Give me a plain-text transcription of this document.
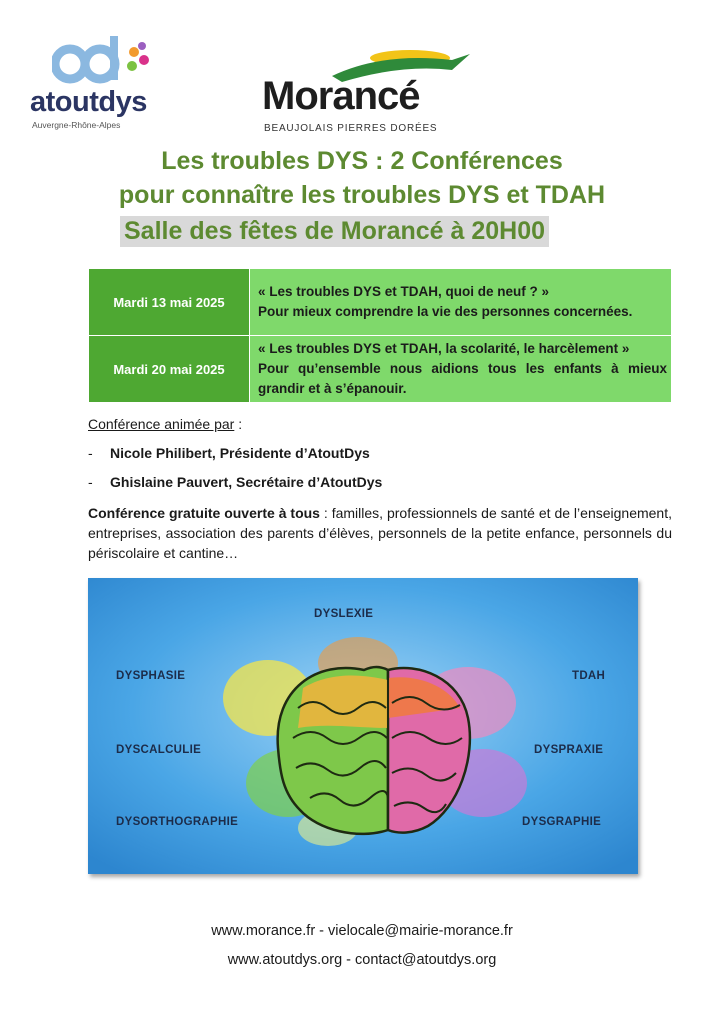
atoutdys
Auvergne-Rhône-Alpes
Morancé
BEAUJOLAIS PIERRES DORÉES
Les troubles DYS : 2 Conférences
pour connaître les troubles DYS et TDAH
Salle des fêtes de Morancé à 20H00
Mardi 13 mai 2025	« Les troubles DYS et TDAH, quoi de neuf ? »
Pour mieux comprendre la vie des personnes concernées.

Mardi 20 mai 2025	« Les troubles DYS et TDAH, la scolarité, le harcèlement »
Pour qu’ensemble nous aidions tous les enfants à mieux grandir et à s’épanouir.
Conférence animée par :
- Nicole Philibert, Présidente d’AtoutDys
- Ghislaine Pauvert, Secrétaire d’AtoutDys
Conférence gratuite ouverte à tous : familles, professionnels de santé et de l’enseignement, entreprises, association des parents d’élèves, personnels de la petite enfance, personnels du périscolaire et cantine…
DYSLEXIE
DYSPHASIE	TDAH
DYSCALCULIE	DYSPRAXIE
DYSORTHOGRAPHIE	DYSGRAPHIE
www.morance.fr - vielocale@mairie-morance.fr
www.atoutdys.org - contact@atoutdys.org
